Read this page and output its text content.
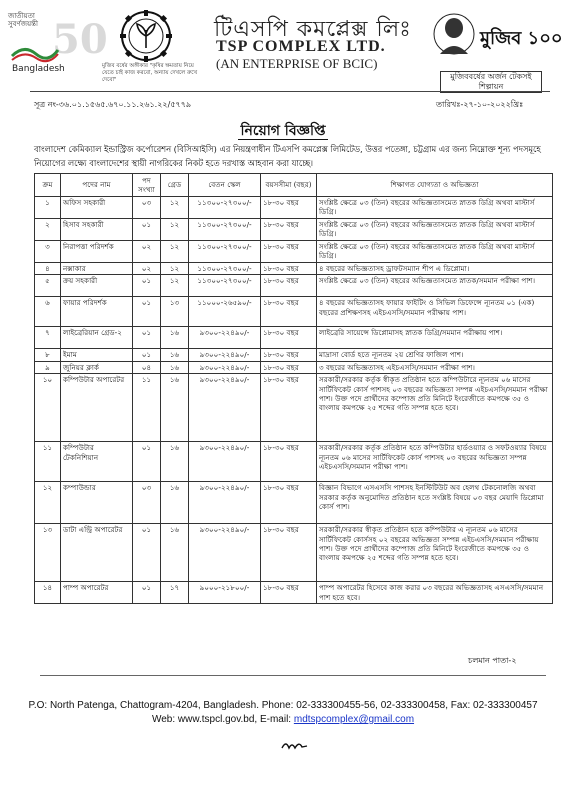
জাতীয়তা
সুবর্ণজয়ন্তী 50
Bangladesh	মুজিব বর্ষের অঙ্গীকার "কৃষির ক্ষমতায় নিয়ে যেতে চাই কাজ করবো, অন্যায় দেখলে রুখে দেবো"
টিএসপি কমপ্লেক্স লিঃ
TSP COMPLEX LTD.
(AN ENTERPRISE OF BCIC)
মুজিব ১০০
মুজিববর্ষের অর্জন টেকসই শিল্পায়ন
সূত্র নং-৩৬.০১.১৫৬৫.৬৭০.১১.২৬১.২২/৫৭৭৯	তারিখঃ-২৭-১০-২০২২খ্রিঃ
নিয়োগ বিজ্ঞপ্তি
বাংলাদেশ কেমিক্যাল ইন্ডাস্ট্রিজ কর্পোরেশন (বিসিআইসি) এর নিয়ন্ত্রণাধীন টিএসপি কমপ্লেক্স লিমিটেড, উত্তর পতেঙ্গা, চট্টগ্রাম এর জন্য নিম্নোক্ত শূন্য পদসমূহে নিয়োগের লক্ষ্যে বাংলাদেশের স্থায়ী নাগরিকের নিকট হতে দরখাস্ত আহবান করা যাচ্ছে।
ক্রম	পদের নাম	পদ সংখ্যা	গ্রেড	বেতন স্কেল	বয়সসীমা (বছর)	শিক্ষাগত যোগ্যতা ও অভিজ্ঞতা
১	অফিস সহকারী	০৩	১২	১১৩০০-২৭৩০০/-	১৮-৩০ বছর	সংশ্লিষ্ট ক্ষেত্রে ০৩ (তিন) বছরের অভিজ্ঞতাসমেত স্নাতক ডিগ্রি অথবা মাস্টার্স ডিগ্রি।
২	হিসাব সহকারী	০১	১২	১১৩০০-২৭৩০০/-	১৮-৩০ বছর	সংশ্লিষ্ট ক্ষেত্রে ০৩ (তিন) বছরের অভিজ্ঞতাসমেত স্নাতক ডিগ্রি অথবা মাস্টার্স ডিগ্রি।
৩	নিরাপত্তা পরিদর্শক	০২	১২	১১৩০০-২৭৩০০/-	১৮-৩০ বছর	সংশ্লিষ্ট ক্ষেত্রে ০৩ (তিন) বছরের অভিজ্ঞতাসমেত স্নাতক ডিগ্রি অথবা মাস্টার্স ডিগ্রি।
৪	নক্সাকার	০২	১২	১১৩০০-২৭৩০০/-	১৮-৩০ বছর	৪ বছরের অভিজ্ঞতাসহ ড্রাফটসম্যান শীপ এ ডিপ্লোমা।
৫	ক্রয় সহকারী	০১	১২	১১৩০০-২৭৩০০/-	১৮-৩০ বছর	সংশ্লিষ্ট ক্ষেত্রে ০৩ (তিন) বছরের অভিজ্ঞতাসমেত স্নাতক/সমমান পরীক্ষা পাশ।
৬	ফায়ার পরিদর্শক	০১	১৩	১১০০০-২৬৫৯০/-	১৮-৩০ বছর	৪ বছরের অভিজ্ঞতাসহ ফায়ার ফাইটিং ও সিভিল ডিফেন্সে ন্যূনতম ০১ (এক) বছরের প্রশিক্ষণসহ এইচএসসি/সমমান পরীক্ষায় পাশ।
৭	লাইব্রেরিয়ান গ্রেড-২	০১	১৬	৯৩০০-২২৪৯০/-	১৮-৩০ বছর	লাইব্রেরি সায়েন্সে ডিপ্লোমাসহ স্নাতক ডিগ্রি/সমমান পরীক্ষায় পাশ।
৮	ইমাম	০১	১৬	৯৩০০-২২৪৯০/-	১৮-৩০ বছর	মাদ্রাসা বোর্ড হতে ন্যূনতম ২য় শ্রেণির ফাজিল পাশ।
৯	জুনিয়র ক্লার্ক	০৪	১৬	৯৩০০-২২৪৯০/-	১৮-৩০ বছর	৩ বছরের অভিজ্ঞতাসহ এইচএসসি/সমমান পরীক্ষা পাশ।
১০	কম্পিউটার অপারেটর	১১	১৬	৯৩০০-২২৪৯০/-	১৮-৩০ বছর	সরকারী/সরকার কর্তৃক স্বীকৃত প্রতিষ্ঠান হতে কম্পিউটারে ন্যূনতম ০৬ মাসের সার্টিফিকেট কোর্স পাশসহ ০৩ বছরের অভিজ্ঞতা সম্পন্ন এইচএসসি/সমমান পরীক্ষা পাশ। উক্ত পদে প্রার্থীদের কম্পোজ প্রতি মিনিটে ইংরেজীতে কমপক্ষে ৩৫ ও বাংলায় কমপক্ষে ২৫ শব্দের গতি সম্পন্ন হতে হবে।
১১	কম্পিউটার টেকনিশিয়ান	০১	১৬	৯৩০০-২২৪৯০/-	১৮-৩০ বছর	সরকারী/সরকার কর্তৃক প্রতিষ্ঠান হতে কম্পিউটার হার্ডওয়্যার ও সফটওয়্যার বিষয়ে ন্যূনতম ০৬ মাসের সার্টিফিকেট কোর্স পাশসহ ০৩ বছরের অভিজ্ঞতা সম্পন্ন এইচএসসি/সমমান পরীক্ষা পাশ।
১২	কম্পাউন্ডার	০৩	১৬	৯৩০০-২২৪৯০/-	১৮-৩০ বছর	বিজ্ঞান বিভাগে এসএসসি পাশসহ ইনস্টিটিউট অব হেলথ টেকনোলজি অথবা সরকার কর্তৃক অনুমোদিত প্রতিষ্ঠান হতে সংশ্লিষ্ট বিষয়ে ০৩ বছর মেয়াদি ডিপ্লোমা কোর্স পাশ।
১৩	ডাটা এন্ট্রি অপারেটর	০১	১৬	৯৩০০-২২৪৯০/-	১৮-৩০ বছর	সরকারী/সরকার স্বীকৃত প্রতিষ্ঠান হতে কম্পিউটার এ ন্যূনতম ০৬ মাসের সার্টিফিকেট কোর্সসহ ০২ বছরের অভিজ্ঞতা সম্পন্ন এইচএসসি/সমমান পরীক্ষায় পাশ। উক্ত পদে প্রার্থীদের কম্পোজ প্রতি মিনিটে ইংরেজীতে কমপক্ষে ৩৫ ও বাংলায় কমপক্ষে ২৫ শব্দের গতি সম্পন্ন হতে হবে।
১৪	পাম্প অপারেটর	০১	১৭	৯০০০-২১৮০০/-	১৮-৩০ বছর	পাম্প অপারেটর হিসেবে কাজ করার ০৩ বছরের অভিজ্ঞতাসহ এসএসসি/সমমান পাশ হতে হবে।
চলমান পাতা-২
P.O: North Patenga, Chattogram-4204, Bangladesh. Phone: 02-333300455-56, 02-333300458, Fax: 02-333300457
Web: www.tspcl.gov.bd, E-mail: mdtspcomplex@gmail.com
